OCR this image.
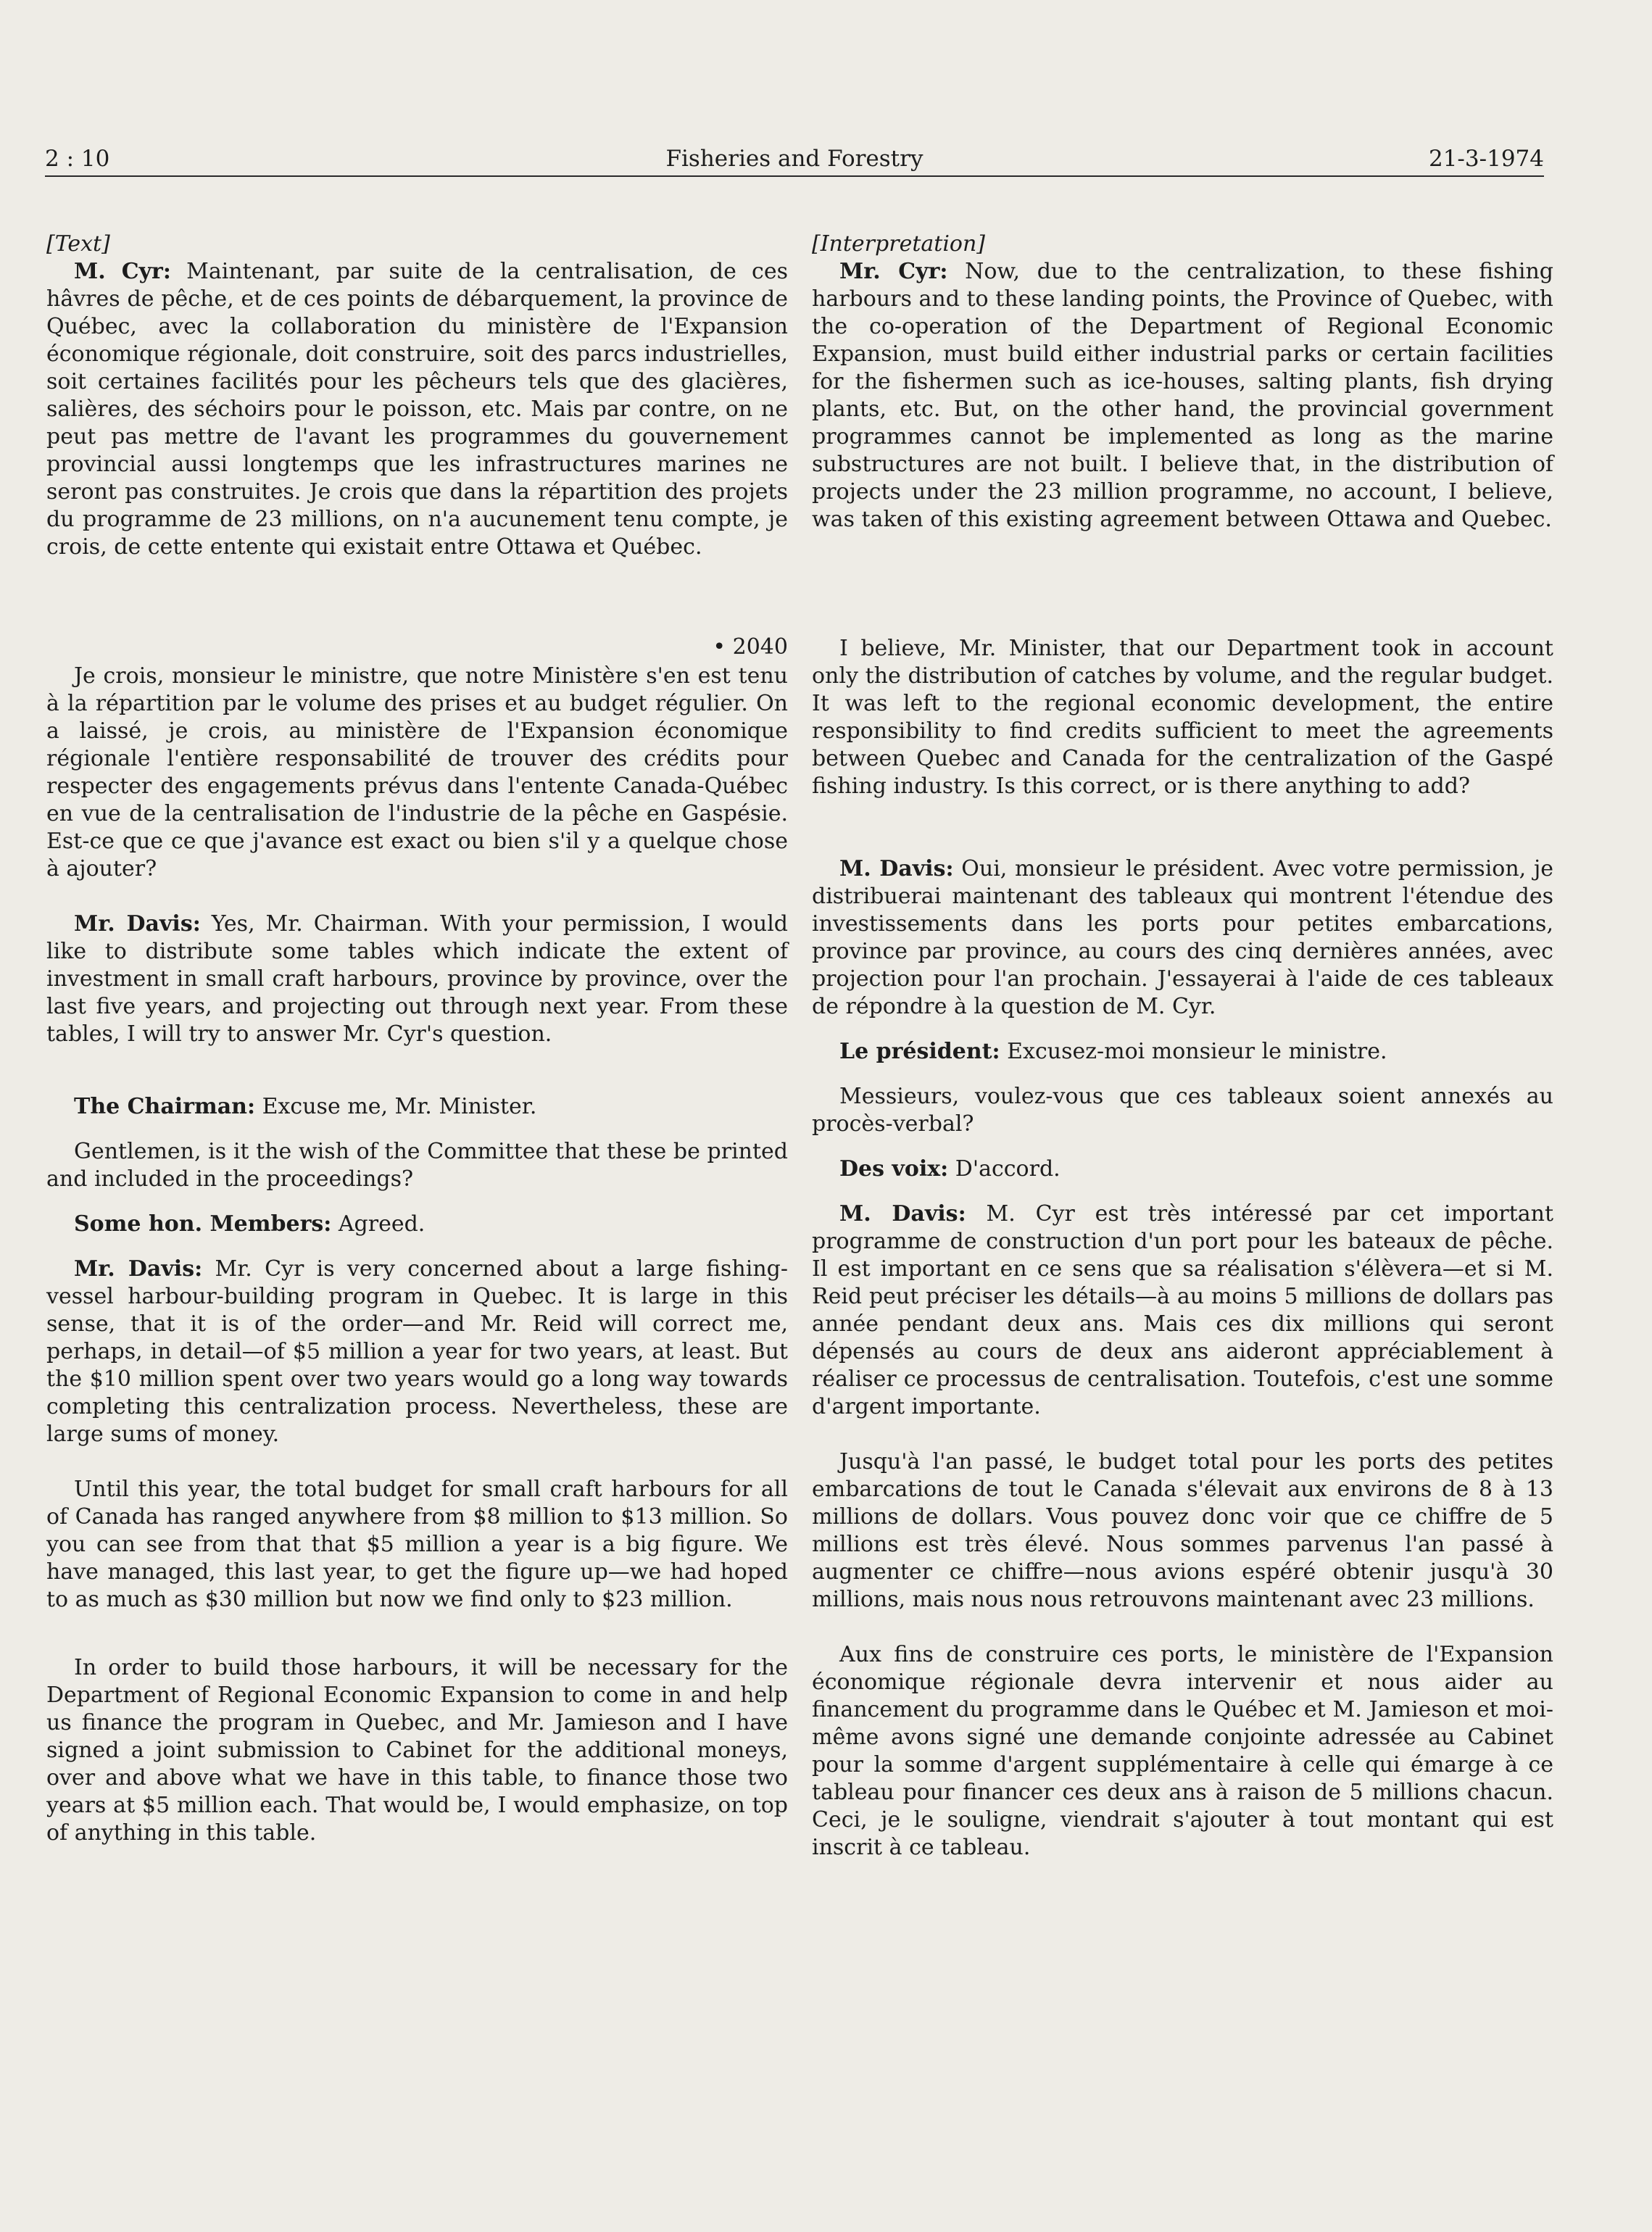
2 : 10	Fisheries and Forestry	21-3-1974

[Text]

M. Cyr: Maintenant, par suite de la centralisation, de ces hâvres de pêche, et de ces points de débarquement, la province de Québec, avec la collaboration du ministère de l'Expansion économique régionale, doit construire, soit des parcs industrielles, soit certaines facilités pour les pêcheurs tels que des glacières, salières, des séchoirs pour le poisson, etc. Mais par contre, on ne peut pas mettre de l'avant les programmes du gouvernement provincial aussi longtemps que les infrastructures marines ne seront pas construites. Je crois que dans la répartition des projets du programme de 23 millions, on n'a aucunement tenu compte, je crois, de cette entente qui existait entre Ottawa et Québec.

• 2040

Je crois, monsieur le ministre, que notre Ministère s'en est tenu à la répartition par le volume des prises et au budget régulier. On a laissé, je crois, au ministère de l'Expansion économique régionale l'entière responsabilité de trouver des crédits pour respecter des engagements prévus dans l'entente Canada-Québec en vue de la centralisation de l'industrie de la pêche en Gaspésie. Est-ce que ce que j'avance est exact ou bien s'il y a quelque chose à ajouter?

Mr. Davis: Yes, Mr. Chairman. With your permission, I would like to distribute some tables which indicate the extent of investment in small craft harbours, province by province, over the last five years, and projecting out through next year. From these tables, I will try to answer Mr. Cyr's question.

The Chairman: Excuse me, Mr. Minister.

Gentlemen, is it the wish of the Committee that these be printed and included in the proceedings?

Some hon. Members: Agreed.

Mr. Davis: Mr. Cyr is very concerned about a large fishing-vessel harbour-building program in Quebec. It is large in this sense, that it is of the order—and Mr. Reid will correct me, perhaps, in detail—of $5 million a year for two years, at least. But the $10 million spent over two years would go a long way towards completing this centralization process. Nevertheless, these are large sums of money.

Until this year, the total budget for small craft harbours for all of Canada has ranged anywhere from $8 million to $13 million. So you can see from that that $5 million a year is a big figure. We have managed, this last year, to get the figure up—we had hoped to as much as $30 million but now we find only to $23 million.

In order to build those harbours, it will be necessary for the Department of Regional Economic Expansion to come in and help us finance the program in Quebec, and Mr. Jamieson and I have signed a joint submission to Cabinet for the additional moneys, over and above what we have in this table, to finance those two years at $5 million each. That would be, I would emphasize, on top of anything in this table.

[Interpretation]

Mr. Cyr: Now, due to the centralization, to these fishing harbours and to these landing points, the Province of Quebec, with the co-operation of the Department of Regional Economic Expansion, must build either industrial parks or certain facilities for the fishermen such as ice-houses, salting plants, fish drying plants, etc. But, on the other hand, the provincial government programmes cannot be implemented as long as the marine substructures are not built. I believe that, in the distribution of projects under the 23 million programme, no account, I believe, was taken of this existing agreement between Ottawa and Quebec.

I believe, Mr. Minister, that our Department took in account only the distribution of catches by volume, and the regular budget. It was left to the regional economic development, the entire responsibility to find credits sufficient to meet the agreements between Quebec and Canada for the centralization of the Gaspé fishing industry. Is this correct, or is there anything to add?

M. Davis: Oui, monsieur le président. Avec votre permission, je distribuerai maintenant des tableaux qui montrent l'étendue des investissements dans les ports pour petites embarcations, province par province, au cours des cinq dernières années, avec projection pour l'an prochain. J'essayerai à l'aide de ces tableaux de répondre à la question de M. Cyr.

Le président: Excusez-moi monsieur le ministre.

Messieurs, voulez-vous que ces tableaux soient annexés au procès-verbal?

Des voix: D'accord.

M. Davis: M. Cyr est très intéressé par cet important programme de construction d'un port pour les bateaux de pêche. Il est important en ce sens que sa réalisation s'élèvera—et si M. Reid peut préciser les détails—à au moins 5 millions de dollars pas année pendant deux ans. Mais ces dix millions qui seront dépensés au cours de deux ans aideront appréciablement à réaliser ce processus de centralisation. Toutefois, c'est une somme d'argent importante.

Jusqu'à l'an passé, le budget total pour les ports des petites embarcations de tout le Canada s'élevait aux environs de 8 à 13 millions de dollars. Vous pouvez donc voir que ce chiffre de 5 millions est très élevé. Nous sommes parvenus l'an passé à augmenter ce chiffre—nous avions espéré obtenir jusqu'à 30 millions, mais nous nous retrouvons maintenant avec 23 millions.

Aux fins de construire ces ports, le ministère de l'Expansion économique régionale devra intervenir et nous aider au financement du programme dans le Québec et M. Jamieson et moi-même avons signé une demande conjointe adressée au Cabinet pour la somme d'argent supplémentaire à celle qui émarge à ce tableau pour financer ces deux ans à raison de 5 millions chacun. Ceci, je le souligne, viendrait s'ajouter à tout montant qui est inscrit à ce tableau.
